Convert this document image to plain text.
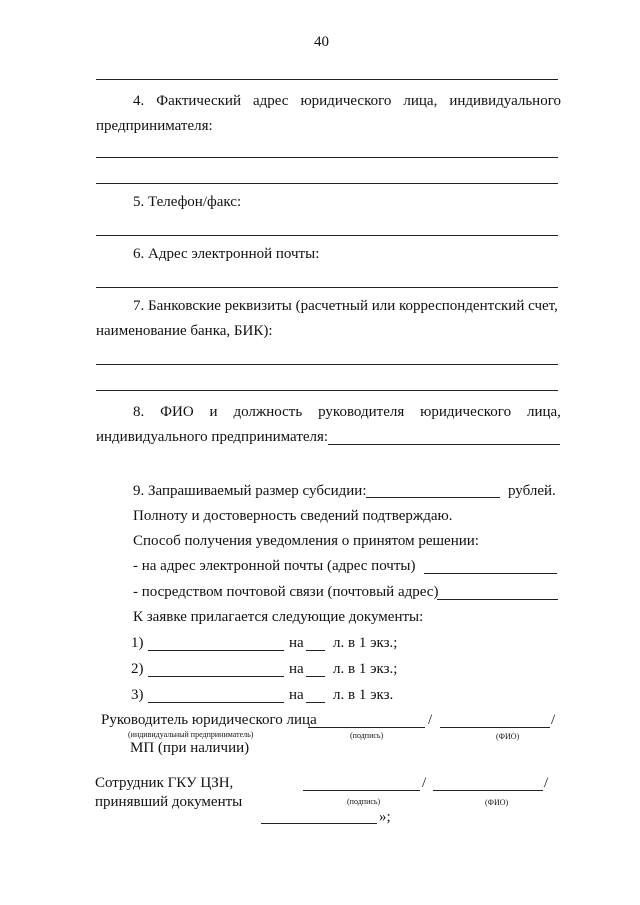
40
4. Фактический адрес юридического лица, индивидуального
предпринимателя:
5. Телефон/факс:
6. Адрес электронной почты:
7. Банковские реквизиты (расчетный или корреспондентский счет,
наименование банка, БИК):
8. ФИО и должность руководителя юридического лица,
индивидуального предпринимателя:
9. Запрашиваемый размер субсидии:	рублей.
Полноту и достоверность сведений подтверждаю.
Способ получения уведомления о принятом решении:
- на адрес электронной почты (адрес почты)
- посредством почтовой связи (почтовый адрес)
К заявке прилагается следующие документы:
1)	на л. в 1 экз.;
2)	на л. в 1 экз.;
3)	на л. в 1 экз.
Руководитель юридического лица	/	/
(индивидуальный предприниматель)	(подпись)	(ФИО)
МП (при наличии)
Сотрудник ГКУ ЦЗН,
принявший документы
/	/
(подпись)	(ФИО)
»;
